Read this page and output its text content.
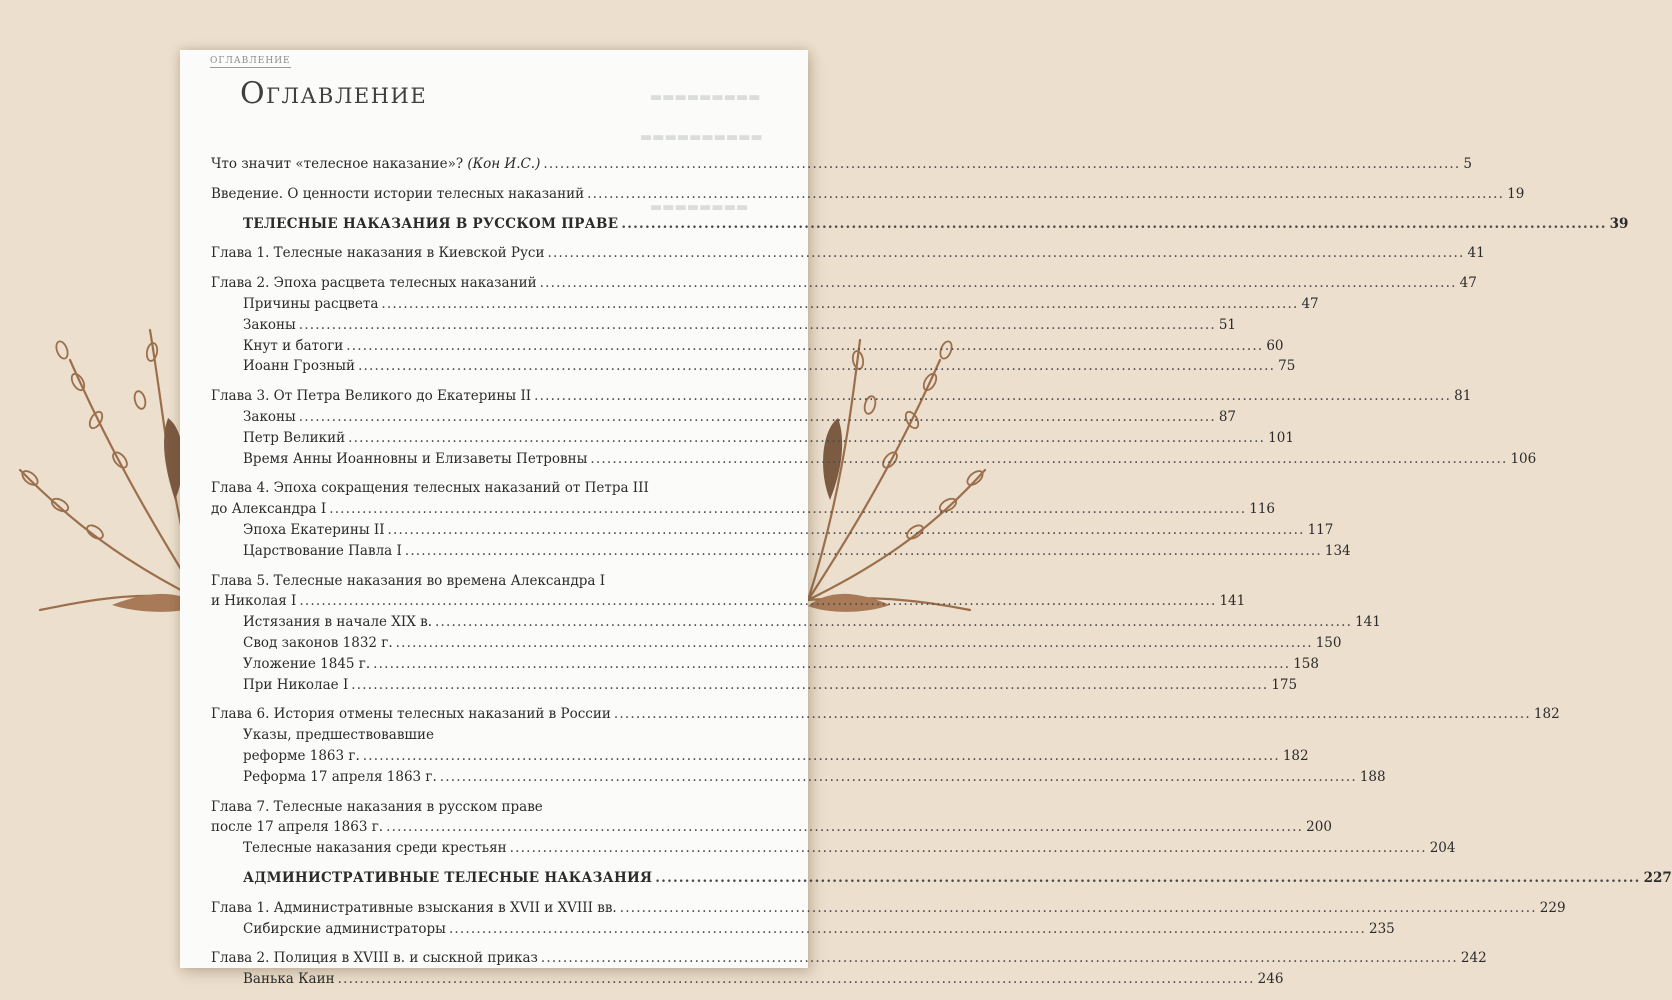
▬▬▬▬▬▬▬▬▬
▬▬▬▬▬▬▬▬▬▬
▬▬▬▬▬▬▬▬
ОГЛАВЛЕНИЕ
Оглавление
Что значит «телесное наказание»? (Кон И.С.) .....	5
Введение. О ценности истории телесных наказаний .....	19
ТЕЛЕСНЫЕ НАКАЗАНИЯ В РУССКОМ ПРАВЕ .....	39
Глава 1. Телесные наказания в Киевской Руси .....	41
Глава 2. Эпоха расцвета телесных наказаний .....	47
Причины расцвета .....	47
Законы .....	51
Кнут и батоги .....	60
Иоанн Грозный .....	75
Глава 3. От Петра Великого до Екатерины II .....	81
Законы .....	87
Петр Великий .....	101
Время Анны Иоанновны и Елизаветы Петровны .....	106
Глава 4. Эпоха сокращения телесных наказаний от Петра III
до Александра I .....	116
Эпоха Екатерины II .....	117
Царствование Павла I .....	134
Глава 5. Телесные наказания во времена Александра I
и Николая I .....	141
Истязания в начале XIX в. .....	141
Свод законов 1832 г. .....	150
Уложение 1845 г. .....	158
При Николае I .....	175
Глава 6. История отмены телесных наказаний в России .....	182
Указы, предшествовавшие
реформе 1863 г. .....	182
Реформа 17 апреля 1863 г. .....	188
Глава 7. Телесные наказания в русском праве
после 17 апреля 1863 г. .....	200
Телесные наказания среди крестьян .....	204
АДМИНИСТРАТИВНЫЕ ТЕЛЕСНЫЕ НАКАЗАНИЯ .....	227
Глава 1. Административные взыскания в XVII и XVIII вв. .....	229
Сибирские администраторы .....	235
Глава 2. Полиция в XVIII в. и сыскной приказ .....	242
Ванька Каин .....	246
